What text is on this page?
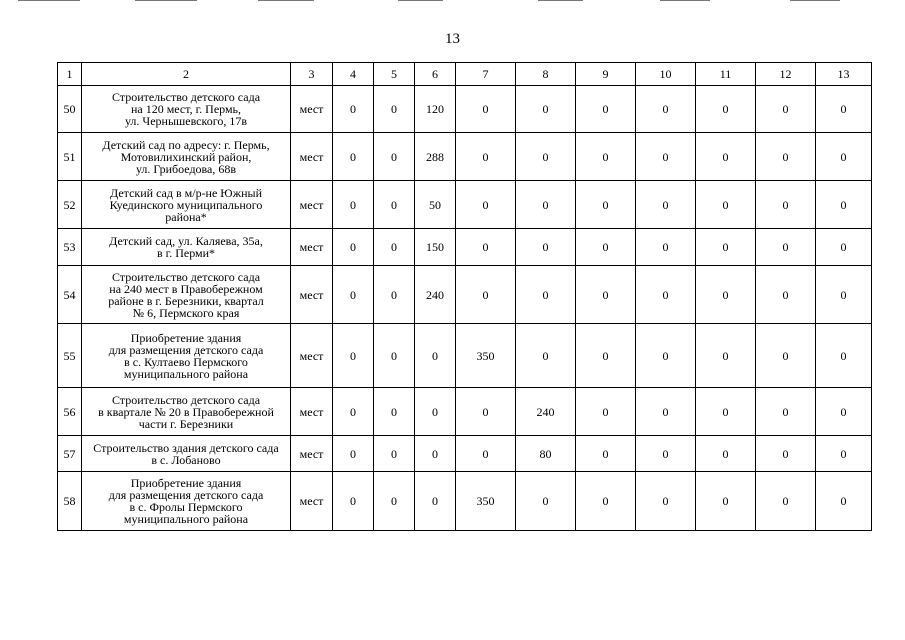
13
1	2	3	4	5	6	7	8	9	10	11	12	13
50	Строительство детского сада
на 120 мест, г. Пермь,
ул. Чернышевского, 17в	мест	0	0	120	0	0	0	0	0	0	0
51	Детский сад по адресу: г. Пермь,
Мотовилихинский район,
ул. Грибоедова, 68в	мест	0	0	288	0	0	0	0	0	0	0
52	Детский сад в м/р-не Южный
Куединского муниципального
района*	мест	0	0	50	0	0	0	0	0	0	0
53	Детский сад, ул. Каляева, 35а,
в г. Перми*	мест	0	0	150	0	0	0	0	0	0	0
54	Строительство детского сада
на 240 мест в Правобережном
районе в г. Березники, квартал
№ 6, Пермского края	мест	0	0	240	0	0	0	0	0	0	0
55	Приобретение здания
для размещения детского сада
в с. Култаево Пермского
муниципального района	мест	0	0	0	350	0	0	0	0	0	0
56	Строительство детского сада
в квартале № 20 в Правобережной
части г. Березники	мест	0	0	0	0	240	0	0	0	0	0
57	Строительство здания детского сада
в с. Лобаново	мест	0	0	0	0	80	0	0	0	0	0
58	Приобретение здания
для размещения детского сада
в с. Фролы Пермского
муниципального района	мест	0	0	0	350	0	0	0	0	0	0
